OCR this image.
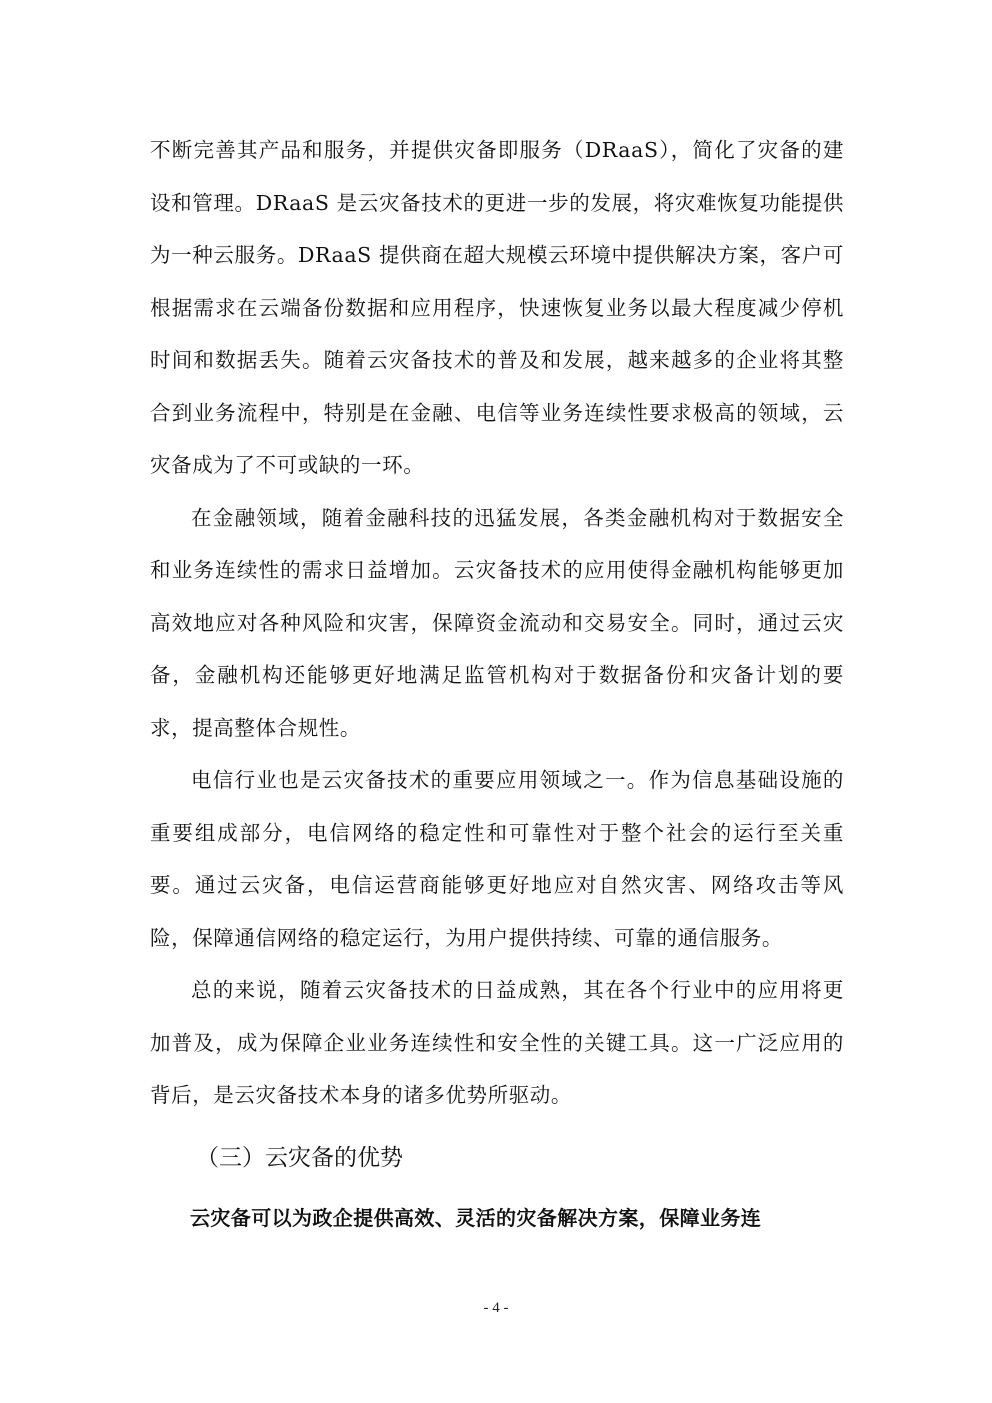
不断完善其产品和服务，并提供灾备即服务（DRaaS），简化了灾备的建设和管理。DRaaS 是云灾备技术的更进一步的发展，将灾难恢复功能提供为一种云服务。DRaaS 提供商在超大规模云环境中提供解决方案，客户可根据需求在云端备份数据和应用程序，快速恢复业务以最大程度减少停机时间和数据丢失。随着云灾备技术的普及和发展，越来越多的企业将其整合到业务流程中，特别是在金融、电信等业务连续性要求极高的领域，云灾备成为了不可或缺的一环。

在金融领域，随着金融科技的迅猛发展，各类金融机构对于数据安全和业务连续性的需求日益增加。云灾备技术的应用使得金融机构能够更加高效地应对各种风险和灾害，保障资金流动和交易安全。同时，通过云灾备，金融机构还能够更好地满足监管机构对于数据备份和灾备计划的要求，提高整体合规性。

电信行业也是云灾备技术的重要应用领域之一。作为信息基础设施的重要组成部分，电信网络的稳定性和可靠性对于整个社会的运行至关重要。通过云灾备，电信运营商能够更好地应对自然灾害、网络攻击等风险，保障通信网络的稳定运行，为用户提供持续、可靠的通信服务。

总的来说，随着云灾备技术的日益成熟，其在各个行业中的应用将更加普及，成为保障企业业务连续性和安全性的关键工具。这一广泛应用的背后，是云灾备技术本身的诸多优势所驱动。

（三）云灾备的优势

云灾备可以为政企提供高效、灵活的灾备解决方案，保障业务连

- 4 -
